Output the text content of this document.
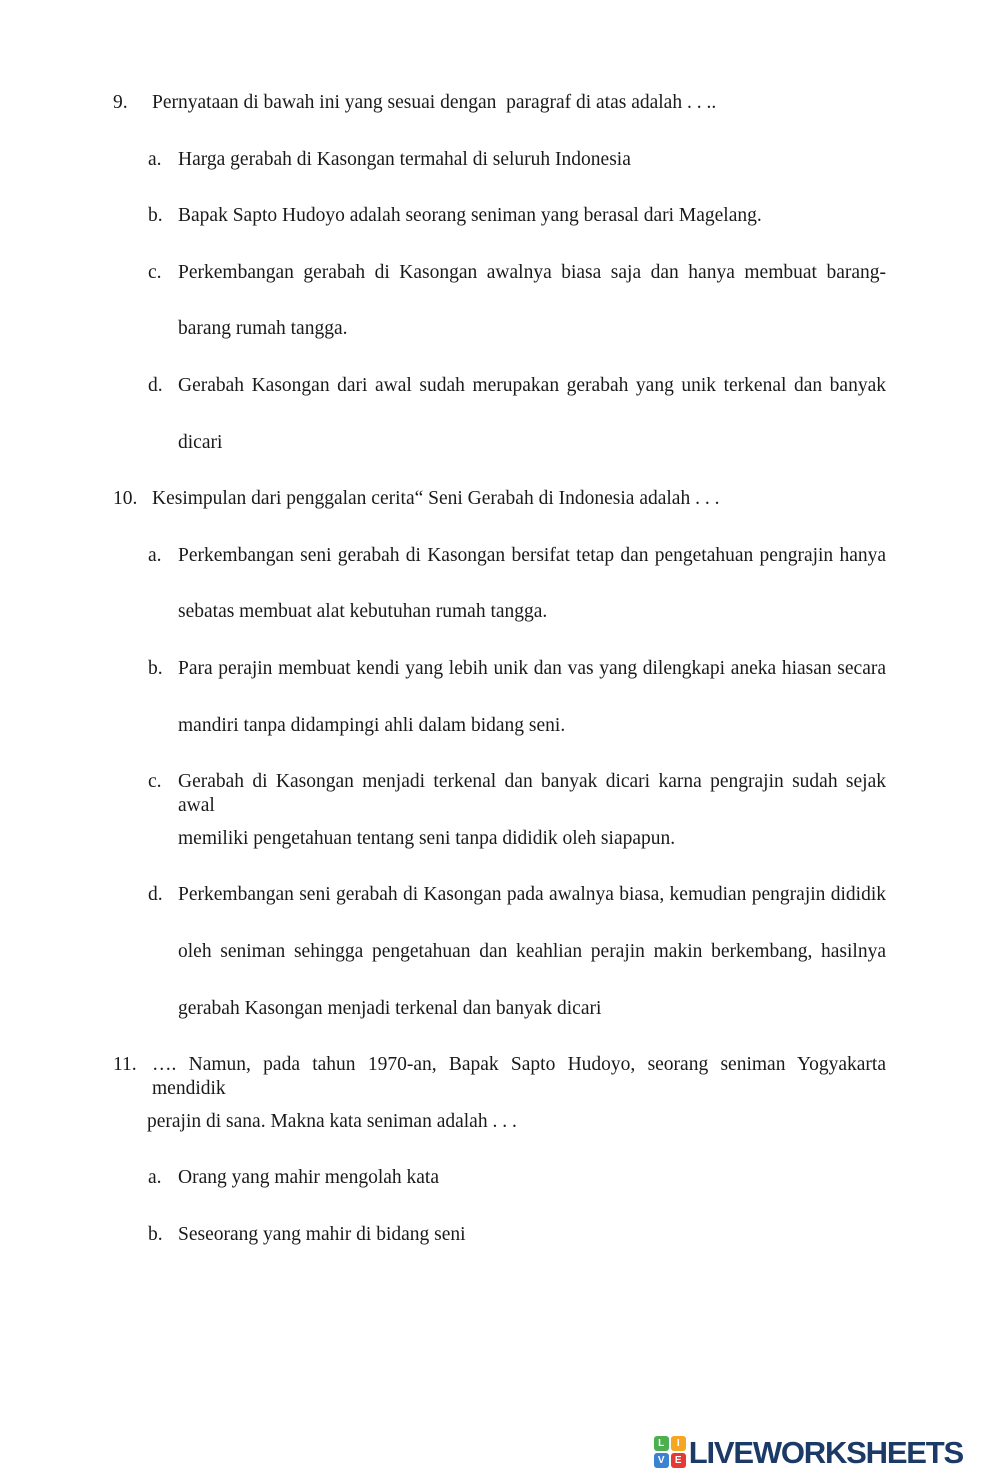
9. Pernyataan di bawah ini yang sesuai dengan  paragraf di atas adalah . . ..
a. Harga gerabah di Kasongan termahal di seluruh Indonesia
b. Bapak Sapto Hudoyo adalah seorang seniman yang berasal dari Magelang.
c. Perkembangan gerabah di Kasongan awalnya biasa saja dan hanya membuat barang-
barang rumah tangga.
d. Gerabah Kasongan dari awal sudah merupakan gerabah yang unik terkenal dan banyak
dicari
10. Kesimpulan dari penggalan cerita“ Seni Gerabah di Indonesia adalah . . .
a. Perkembangan seni gerabah di Kasongan bersifat tetap dan pengetahuan pengrajin hanya
sebatas membuat alat kebutuhan rumah tangga.
b. Para perajin membuat kendi yang lebih unik dan vas yang dilengkapi aneka hiasan secara
mandiri tanpa didampingi ahli dalam bidang seni.
c. Gerabah di Kasongan menjadi terkenal dan banyak dicari karna pengrajin sudah sejak awal
memiliki pengetahuan tentang seni tanpa dididik oleh siapapun.
d. Perkembangan seni gerabah di Kasongan pada awalnya biasa, kemudian pengrajin dididik
oleh seniman sehingga pengetahuan dan keahlian perajin makin berkembang, hasilnya
gerabah Kasongan menjadi terkenal dan banyak dicari
11. …. Namun, pada tahun 1970-an, Bapak Sapto Hudoyo, seorang seniman Yogyakarta mendidik
perajin di sana. Makna kata seniman adalah . . .
a. Orang yang mahir mengolah kata
b. Seseorang yang mahir di bidang seni
L	I
V	E LIVEWORKSHEETS
